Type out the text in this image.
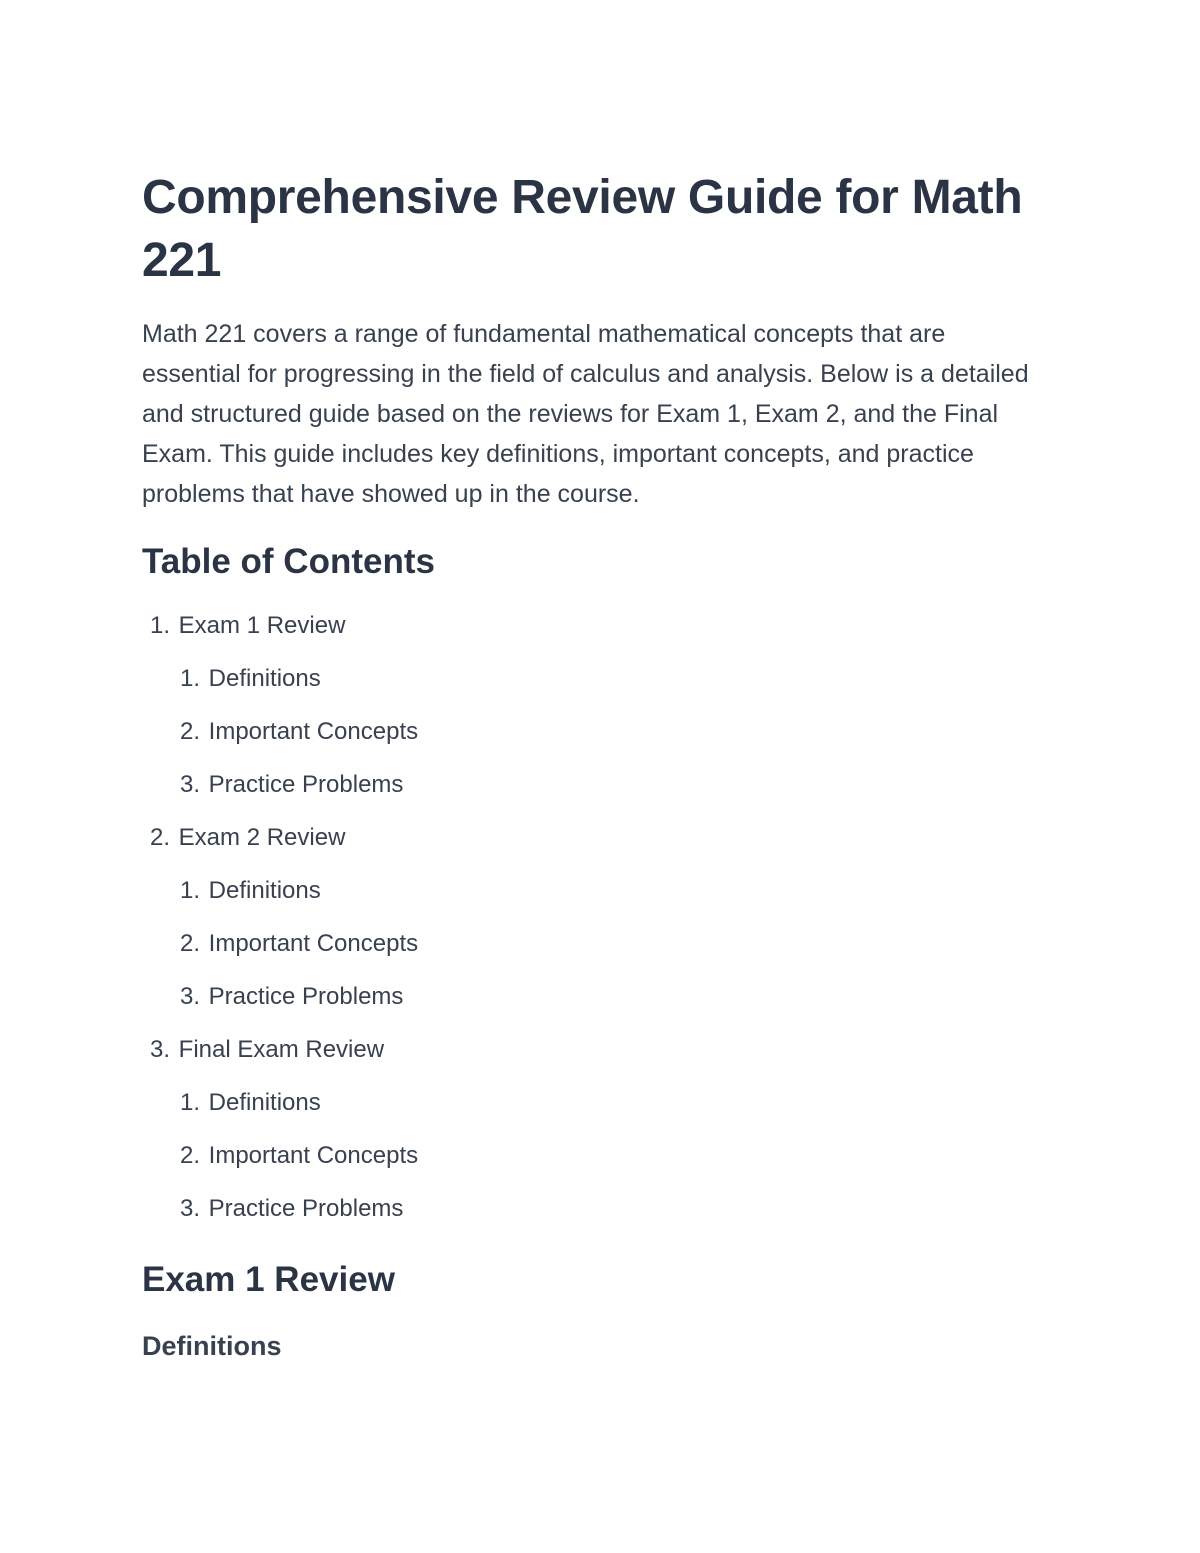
Comprehensive Review Guide for Math 221

Math 221 covers a range of fundamental mathematical concepts that are essential for progressing in the field of calculus and analysis. Below is a detailed and structured guide based on the reviews for Exam 1, Exam 2, and the Final Exam. This guide includes key definitions, important concepts, and practice problems that have showed up in the course.

Table of Contents
1. Exam 1 Review
1. Definitions
2. Important Concepts
3. Practice Problems
2. Exam 2 Review
1. Definitions
2. Important Concepts
3. Practice Problems
3. Final Exam Review
1. Definitions
2. Important Concepts
3. Practice Problems
Exam 1 Review
Definitions
